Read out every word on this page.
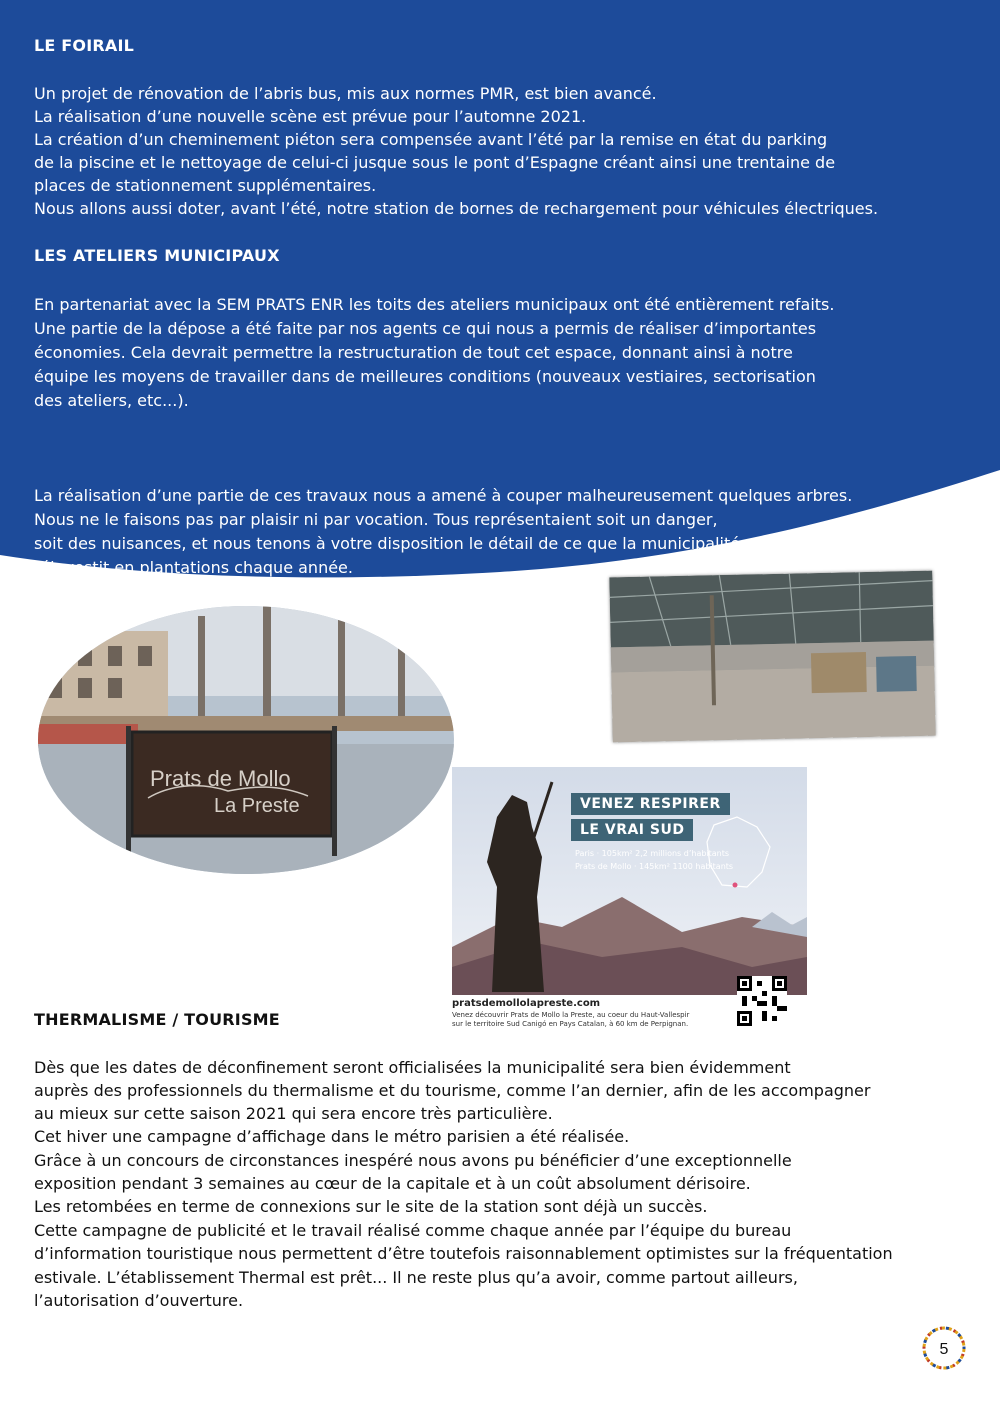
LE FOIRAIL

Un projet de rénovation de l’abris bus, mis aux normes PMR, est bien avancé.

La réalisation d’une nouvelle scène est prévue pour l’automne 2021.

La création d’un cheminement piéton sera compensée avant l’été par la remise en état du parking

de la piscine et le nettoyage de celui-ci jusque sous le pont d’Espagne créant ainsi une trentaine de

places de stationnement supplémentaires.

Nous allons aussi doter, avant l’été, notre station de bornes de rechargement pour véhicules électriques.

LES ATELIERS MUNICIPAUX

En partenariat avec la SEM PRATS ENR les toits des ateliers municipaux ont été entièrement refaits.

Une partie de la dépose a été faite par nos agents ce qui nous a permis de réaliser d’importantes

économies. Cela devrait permettre la restructuration de tout cet espace, donnant ainsi à notre

équipe les moyens de travailler dans de meilleures conditions (nouveaux vestiaires, sectorisation

des ateliers, etc...).

La réalisation d’une partie de ces travaux nous a amené à couper malheureusement quelques arbres.

Nous ne le faisons pas par plaisir ni par vocation. Tous représentaient soit un danger,

soit des nuisances, et nous tenons à votre disposition le détail de ce que la municipalité

réinvestit en plantations chaque année.

Prats de Mollo
La Preste	VENEZ RESPIRER
LE VRAI SUD
Paris · 105km² 2,2 millions d’habitants
Prats de Mollo · 145km² 1100 habitants
pratsdemollolapreste.com
Venez découvrir Prats de Mollo la Preste, au coeur du Haut-Vallespir
sur le territoire Sud Canigó en Pays Catalan, à 60 km de Perpignan.
THERMALISME / TOURISME

Dès que les dates de déconfinement seront officialisées la municipalité sera bien évidemment

auprès des professionnels du thermalisme et du tourisme, comme l’an dernier, afin de les accompagner

au mieux sur cette saison 2021 qui sera encore très particulière.

Cet hiver une campagne d’affichage dans le métro parisien a été réalisée.

Grâce à un concours de circonstances inespéré nous avons pu bénéficier d’une exceptionnelle

exposition pendant 3 semaines au cœur de la capitale et à un coût absolument dérisoire.

Les retombées en terme de connexions sur le site de la station sont déjà un succès.

Cette campagne de publicité et le travail réalisé comme chaque année par l’équipe du bureau

d’information touristique nous permettent d’être toutefois raisonnablement optimistes sur la fréquentation

estivale. L’établissement Thermal est prêt... Il ne reste plus qu’a avoir, comme partout ailleurs,

l’autorisation d’ouverture.

5
